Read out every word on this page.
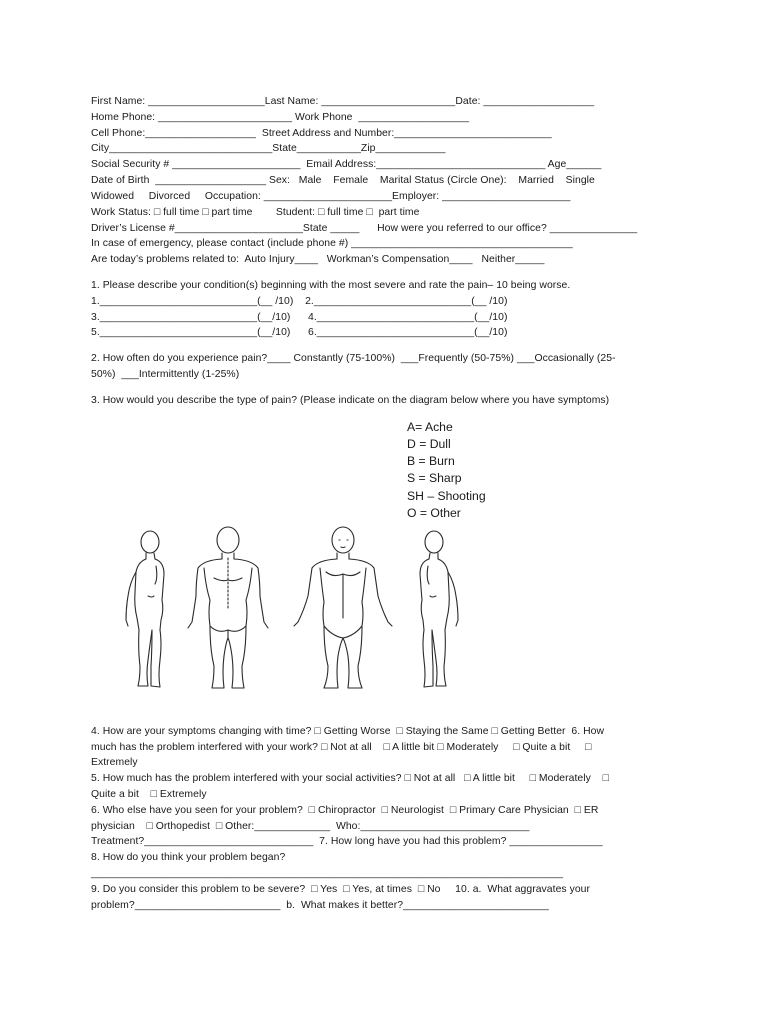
First Name: ____________________Last Name: _______________________Date: ___________________
Home Phone: _______________________ Work Phone  ___________________
Cell Phone:___________________  Street Address and Number:___________________________
City____________________________State___________Zip____________
Social Security # ______________________  Email Address:_____________________________ Age______
Date of Birth  ___________________ Sex:   Male    Female    Marital Status (Circle One):    Married    Single
Widowed     Divorced     Occupation: ______________________Employer: ______________________
Work Status: □ full time □ part time        Student: □ full time □  part time
Driver’s License #______________________State _____      How were you referred to our office? _______________
In case of emergency, please contact (include phone #) ______________________________________
Are today’s problems related to:  Auto Injury____   Workman’s Compensation____   Neither_____
1. Please describe your condition(s) beginning with the most severe and rate the pain– 10 being worse.
1.___________________________(__ /10)    2.___________________________(__ /10)
3.___________________________(__/10)      4.___________________________(__/10)
5.___________________________(__/10)      6.___________________________(__/10)
2. How often do you experience pain?____ Constantly (75-100%)  ___Frequently (50-75%) ___Occasionally (25-
50%)  ___Intermittently (1-25%)
3. How would you describe the type of pain? (Please indicate on the diagram below where you have symptoms)
A= Ache
D = Dull
B = Burn
S = Sharp
SH – Shooting
O = Other
4. How are your symptoms changing with time? □ Getting Worse  □ Staying the Same □ Getting Better  6. How
much has the problem interfered with your work? □ Not at all    □ A little bit □ Moderately     □ Quite a bit     □
Extremely
5. How much has the problem interfered with your social activities? □ Not at all   □ A little bit     □ Moderately    □
Quite a bit    □ Extremely
6. Who else have you seen for your problem?  □ Chiropractor  □ Neurologist  □ Primary Care Physician  □ ER
physician    □ Orthopedist  □ Other:_____________  Who:_____________________________
Treatment?_____________________________  7. How long have you had this problem? ________________
8. How do you think your problem began?
_________________________________________________________________________________
9. Do you consider this problem to be severe?  □ Yes  □ Yes, at times  □ No     10. a.  What aggravates your
problem?_________________________  b.  What makes it better?_________________________
